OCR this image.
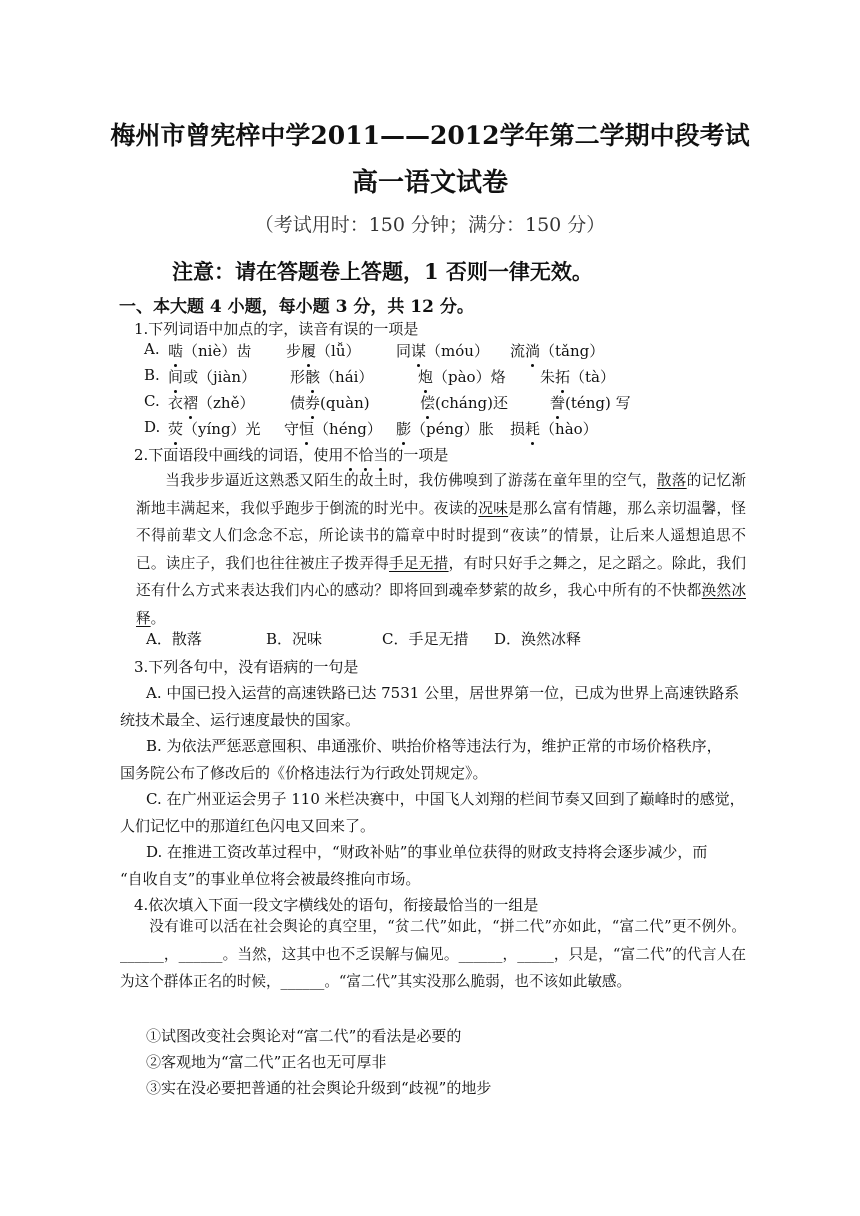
梅州市曾宪梓中学2011——2012学年第二学期中段考试
高一语文试卷
（考试用时：150 分钟；满分：150 分）
注意：请在答题卷上答题，1 否则一律无效。
一、本大题 4 小题，每小题 3 分，共 12 分。
1.下列词语中加点的字，读音有误的一项是
A. 啮（niè）齿 步履（lǚ） 同谋（móu） 流淌（tǎng）
B. 间或（jiàn） 形骸（hái）	炮（pào）烙 朱拓（tà）
C. 衣褶（zhě） 债券(quàn)	偿(cháng)还	誊(téng) 写
D. 荧（yíng）光 守恒（héng） 膨（péng）胀 损耗（hào）
2.下面语段中画线的词语，使用不恰当的一项是

当我步步逼近这熟悉又陌生的故土时，我仿佛嗅到了游荡在童年里的空气，散落的记忆渐渐地丰满起来，我似乎跑步于倒流的时光中。夜读的况味是那么富有情趣，那么亲切温馨，怪不得前辈文人们念念不忘，所论读书的篇章中时时提到“夜读”的情景，让后来人遥想追思不已。读庄子，我们也往往被庄子拨弄得手足无措，有时只好手之舞之，足之蹈之。除此，我们还有什么方式来表达我们内心的感动？即将回到魂牵梦萦的故乡，我心中所有的不快都涣然冰释。

A．散落	B．况味	C．手足无措 D．涣然冰释
3.下列各句中，没有语病的一句是
A. 中国已投入运营的高速铁路已达 7531 公里，居世界第一位，已成为世界上高速铁路系
统技术最全、运行速度最快的国家。
B. 为依法严惩恶意囤积、串通涨价、哄抬价格等违法行为，维护正常的市场价格秩序，
国务院公布了修改后的《价格违法行为行政处罚规定》。
C. 在广州亚运会男子 110 米栏决赛中，中国飞人刘翔的栏间节奏又回到了巅峰时的感觉，
人们记忆中的那道红色闪电又回来了。
D. 在推进工资改革过程中，“财政补贴”的事业单位获得的财政支持将会逐步减少，而
“自收自支”的事业单位将会被最终推向市场。
4.依次填入下面一段文字横线处的语句，衔接最恰当的一组是

没有谁可以活在社会舆论的真空里，“贫二代”如此，“拼二代”亦如此，“富二代”更不例外。______，______。当然，这其中也不乏误解与偏见。______，_____，只是，“富二代”的代言人在为这个群体正名的时候，______。“富二代”其实没那么脆弱，也不该如此敏感。

①试图改变社会舆论对“富二代”的看法是必要的
②客观地为“富二代”正名也无可厚非
③实在没必要把普通的社会舆论升级到“歧视”的地步
